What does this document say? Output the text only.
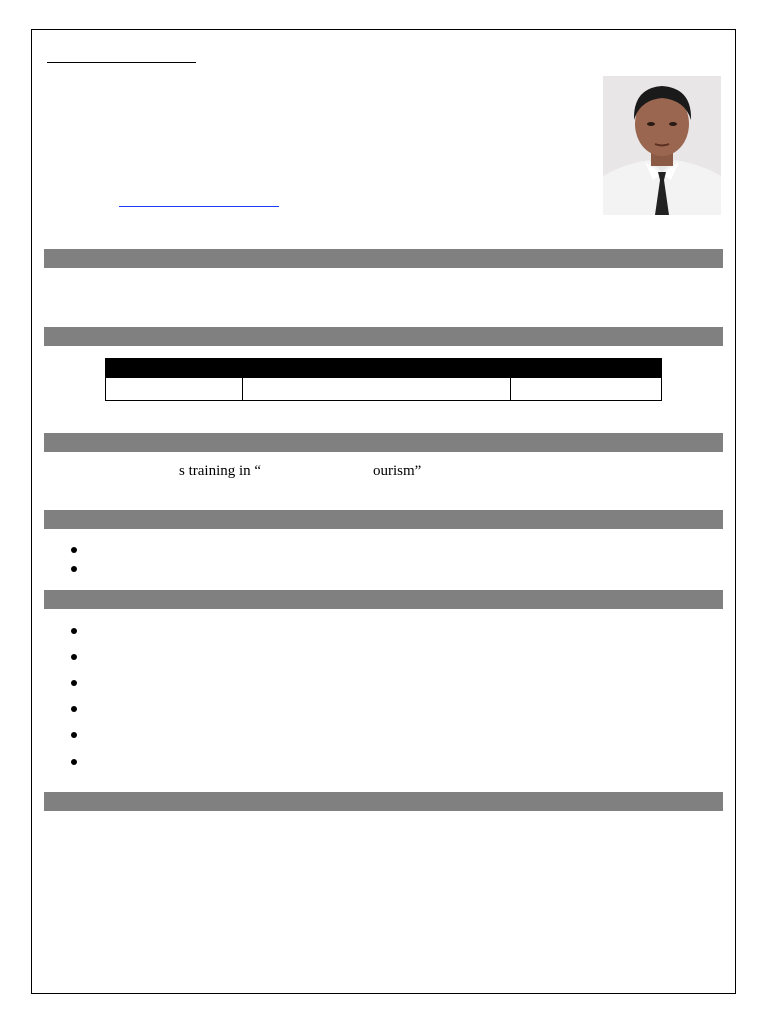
s training in “	ourism”
